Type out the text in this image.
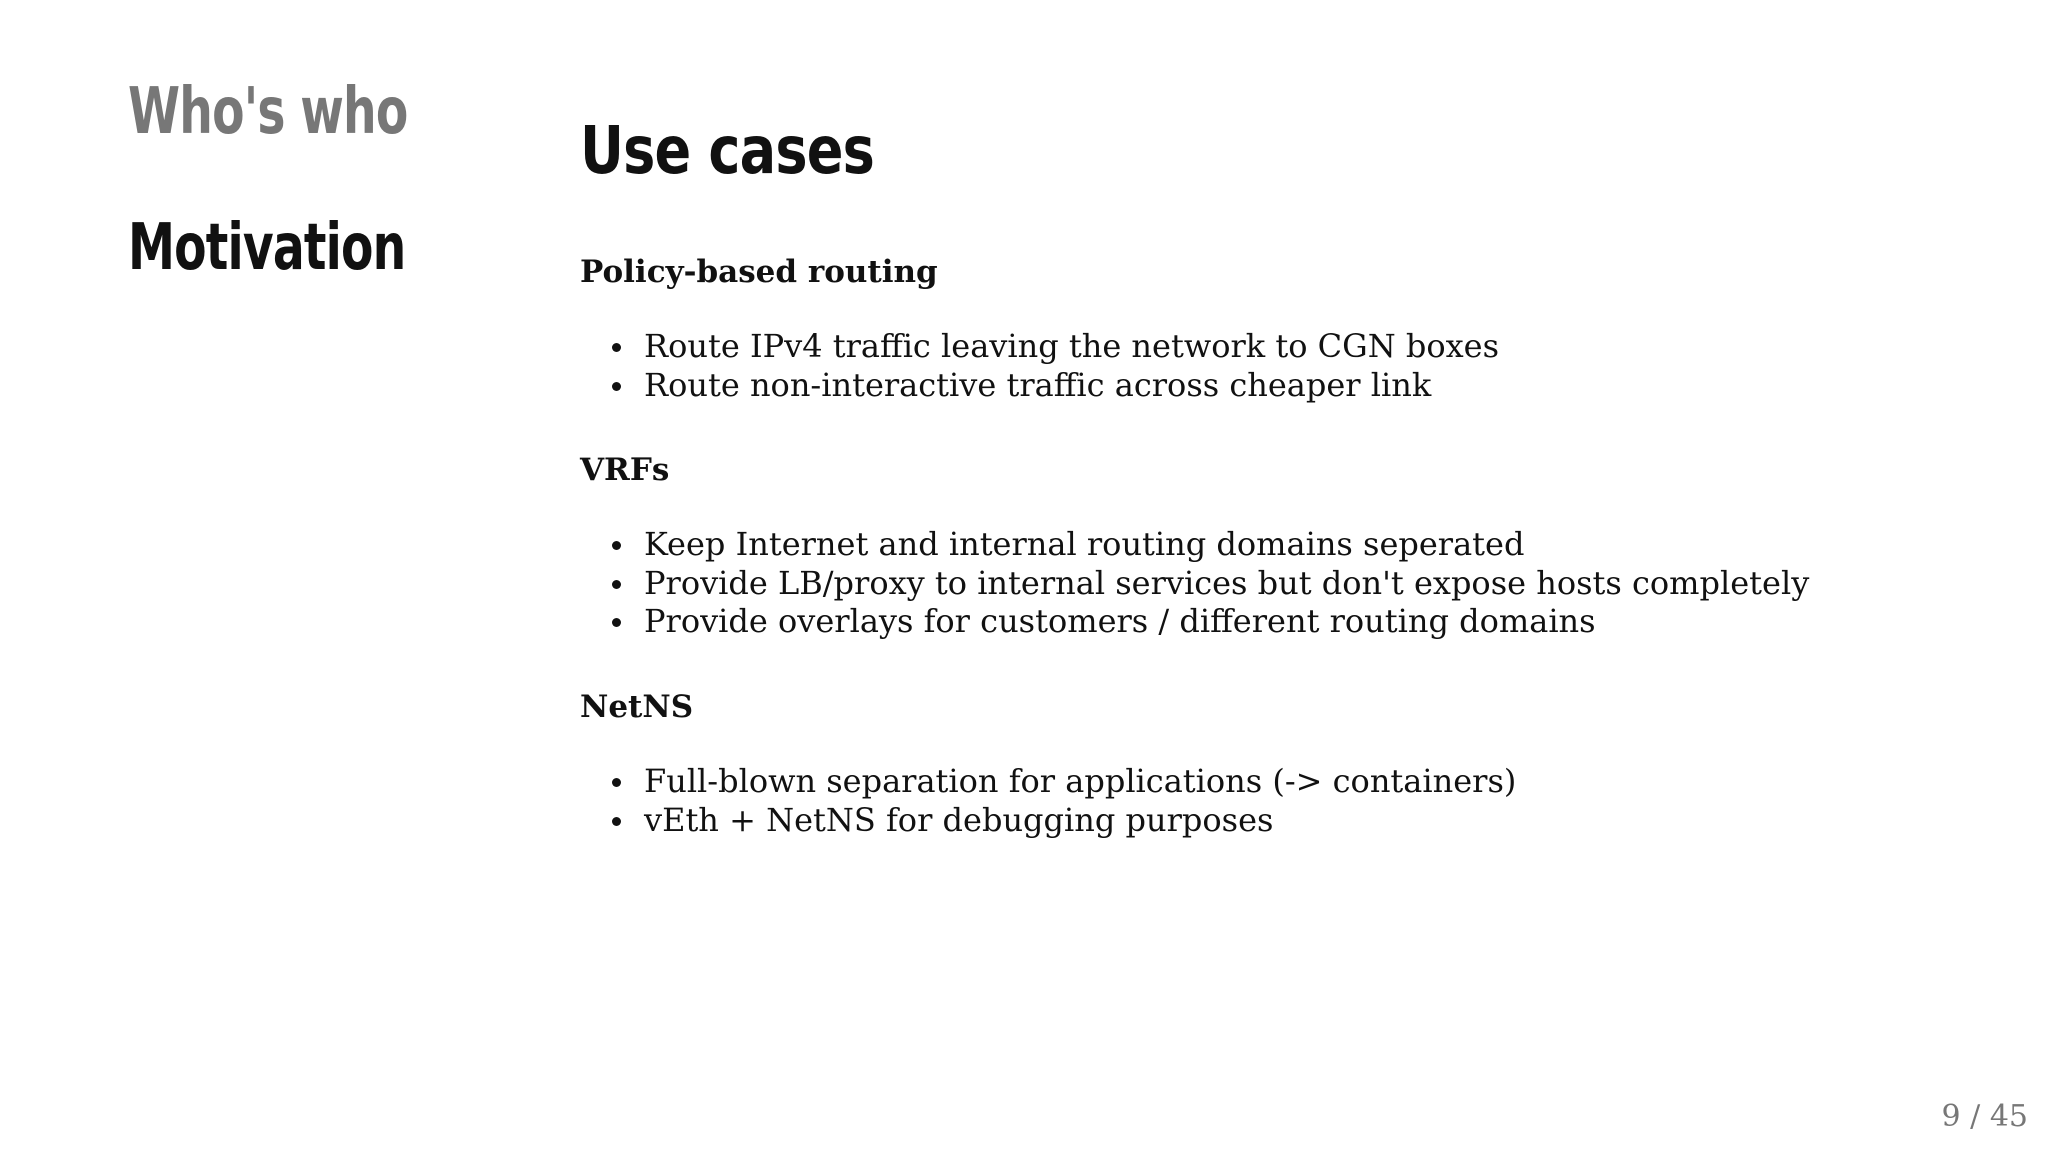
Who's who
Motivation
Use cases
Policy-based routing
Route IPv4 traffic leaving the network to CGN boxes
Route non-interactive traffic across cheaper link
VRFs
Keep Internet and internal routing domains seperated
Provide LB/proxy to internal services but don't expose hosts completely
Provide overlays for customers / different routing domains
NetNS
Full-blown separation for applications (-> containers)
vEth + NetNS for debugging purposes
9 / 45
